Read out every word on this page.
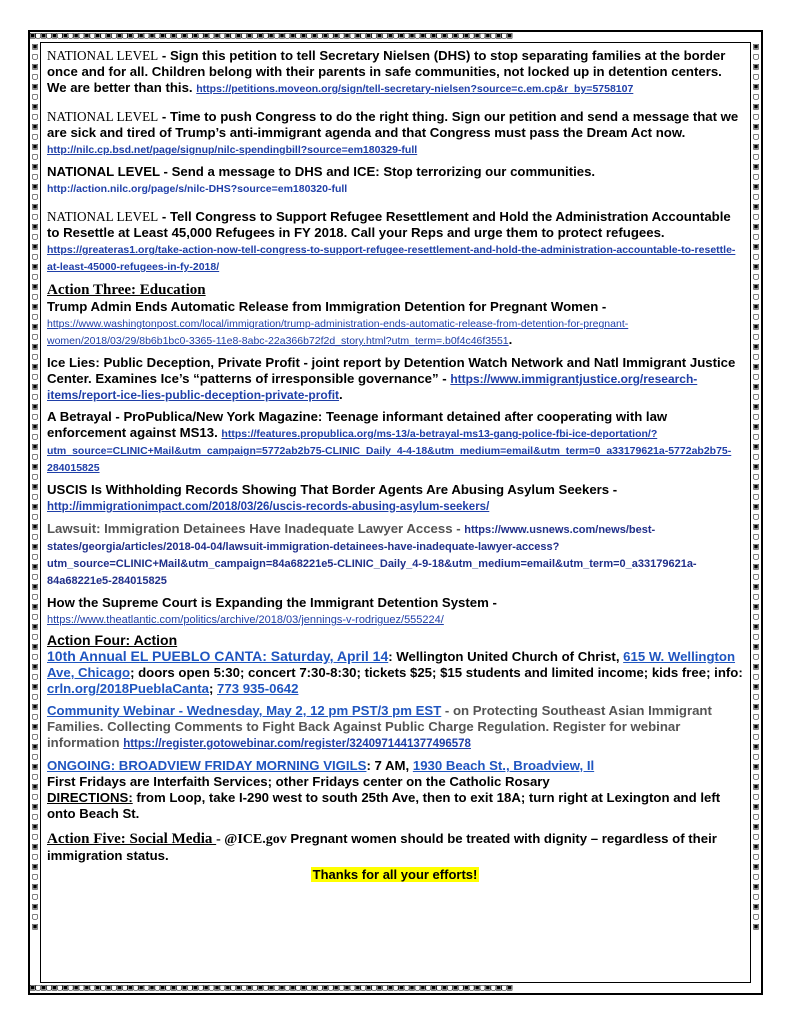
▣▢▣▢▣▢▣▢▣▢▣▢▣▢▣▢▣▢▣▢▣▢▣▢▣▢▣▢▣▢▣▢▣▢▣▢▣▢▣▢▣▢▣▢▣▢▣▢▣▢▣▢▣▢▣▢▣▢▣▢▣▢▣▢▣▢▣▢▣▢▣▢▣▢▣▢▣▢▣▢▣▢▣▢▣▢▣▢▣
▣▢▣▢▣▢▣▢▣▢▣▢▣▢▣▢▣▢▣▢▣▢▣▢▣▢▣▢▣▢▣▢▣▢▣▢▣▢▣▢▣▢▣▢▣▢▣▢▣▢▣▢▣▢▣▢▣▢▣▢▣▢▣▢▣▢▣▢▣▢▣▢▣▢▣▢▣▢▣▢▣▢▣▢▣▢▣▢▣
▣▢▣▢▣▢▣▢▣▢▣▢▣▢▣▢▣▢▣▢▣▢▣▢▣▢▣▢▣▢▣▢▣▢▣▢▣▢▣▢▣▢▣▢▣▢▣▢▣▢▣▢▣▢▣▢▣▢▣▢▣▢▣▢▣▢▣▢▣▢▣▢▣▢▣▢▣▢▣▢▣▢▣▢▣▢▣▢▣
▣▢▣▢▣▢▣▢▣▢▣▢▣▢▣▢▣▢▣▢▣▢▣▢▣▢▣▢▣▢▣▢▣▢▣▢▣▢▣▢▣▢▣▢▣▢▣▢▣▢▣▢▣▢▣▢▣▢▣▢▣▢▣▢▣▢▣▢▣▢▣▢▣▢▣▢▣▢▣▢▣▢▣▢▣▢▣▢▣
NATIONAL LEVEL - Sign this petition to tell Secretary Nielsen (DHS) to stop separating families at the border once and for all. Children belong with their parents in safe communities, not locked up in detention centers. We are better than this. https://petitions.moveon.org/sign/tell-secretary-nielsen?source=c.em.cp&r_by=5758107
NATIONAL LEVEL - Time to push Congress to do the right thing. Sign our petition and send a message that we are sick and tired of Trump’s anti-immigrant agenda and that Congress must pass the Dream Act now. http://nilc.cp.bsd.net/page/signup/nilc-spendingbill?source=em180329-full
NATIONAL LEVEL - Send a message to DHS and ICE: Stop terrorizing our communities.
http://action.nilc.org/page/s/nilc-DHS?source=em180320-full
NATIONAL LEVEL - Tell Congress to Support Refugee Resettlement and Hold the Administration Accountable to Resettle at Least 45,000 Refugees in FY 2018. Call your Reps and urge them to protect refugees. https://greateras1.org/take-action-now-tell-congress-to-support-refugee-resettlement-and-hold-the-administration-accountable-to-resettle-at-least-45000-refugees-in-fy-2018/
Action Three: Education
Trump Admin Ends Automatic Release from Immigration Detention for Pregnant Women - https://www.washingtonpost.com/local/immigration/trump-administration-ends-automatic-release-from-detention-for-pregnant-women/2018/03/29/8b6b1bc0-3365-11e8-8abc-22a366b72f2d_story.html?utm_term=.b0f4c46f3551.
Ice Lies: Public Deception, Private Profit - joint report by Detention Watch Network and Natl Immigrant Justice Center. Examines Ice’s “patterns of irresponsible governance” - https://www.immigrantjustice.org/research-items/report-ice-lies-public-deception-private-profit.
A Betrayal - ProPublica/New York Magazine: Teenage informant detained after cooperating with law enforcement against MS13. https://features.propublica.org/ms-13/a-betrayal-ms13-gang-police-fbi-ice-deportation/?utm_source=CLINIC+Mail&utm_campaign=5772ab2b75-CLINIC_Daily_4-4-18&utm_medium=email&utm_term=0_a33179621a-5772ab2b75-284015825
USCIS Is Withholding Records Showing That Border Agents Are Abusing Asylum Seekers - http://immigrationimpact.com/2018/03/26/uscis-records-abusing-asylum-seekers/
Lawsuit: Immigration Detainees Have Inadequate Lawyer Access - https://www.usnews.com/news/best-states/georgia/articles/2018-04-04/lawsuit-immigration-detainees-have-inadequate-lawyer-access?utm_source=CLINIC+Mail&utm_campaign=84a68221e5-CLINIC_Daily_4-9-18&utm_medium=email&utm_term=0_a33179621a-84a68221e5-284015825
How the Supreme Court is Expanding the Immigrant Detention System - https://www.theatlantic.com/politics/archive/2018/03/jennings-v-rodriguez/555224/
Action Four: Action
10th Annual EL PUEBLO CANTA: Saturday, April 14: Wellington United Church of Christ, 615 W. Wellington Ave, Chicago; doors open 5:30; concert 7:30-8:30; tickets $25; $15 students and limited income; kids free; info: crln.org/2018PueblaCanta; 773 935-0642
Community Webinar - Wednesday, May 2, 12 pm PST/3 pm EST - on Protecting Southeast Asian Immigrant Families. Collecting Comments to Fight Back Against Public Charge Regulation. Register for webinar information https://register.gotowebinar.com/register/3240971441377496578
ONGOING: BROADVIEW FRIDAY MORNING VIGILS: 7 AM, 1930 Beach St., Broadview, Il
First Fridays are Interfaith Services; other Fridays center on the Catholic Rosary
DIRECTIONS: from Loop, take I-290 west to south 25th Ave, then to exit 18A; turn right at Lexington and left onto Beach St.
Action Five: Social Media - @ICE.gov Pregnant women should be treated with dignity – regardless of their immigration status.
Thanks for all your efforts!
